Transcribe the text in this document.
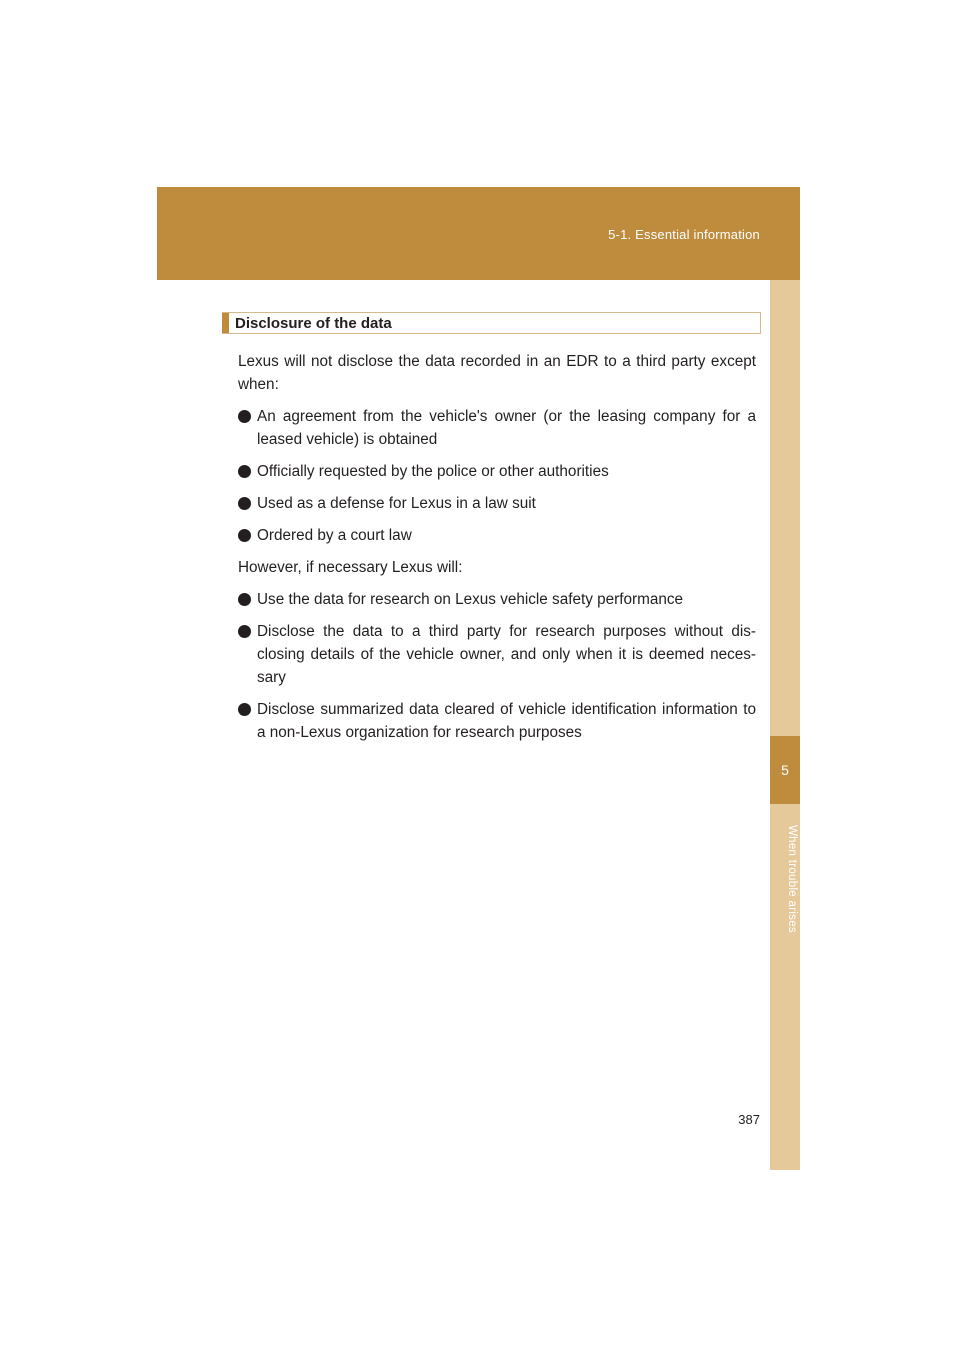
5-1. Essential information
5
When trouble arises
Disclosure of the data

Lexus will not disclose the data recorded in an EDR to a third party except when:

An agreement from the vehicle's owner (or the leasing company for a leased vehicle) is obtained
Officially requested by the police or other authorities
Used as a defense for Lexus in a law suit
Ordered by a court law

However, if necessary Lexus will:

Use the data for research on Lexus vehicle safety performance
Disclose the data to a third party for research purposes without dis-closing details of the vehicle owner, and only when it is deemed neces-sary
Disclose summarized data cleared of vehicle identification information to a non-Lexus organization for research purposes
387
